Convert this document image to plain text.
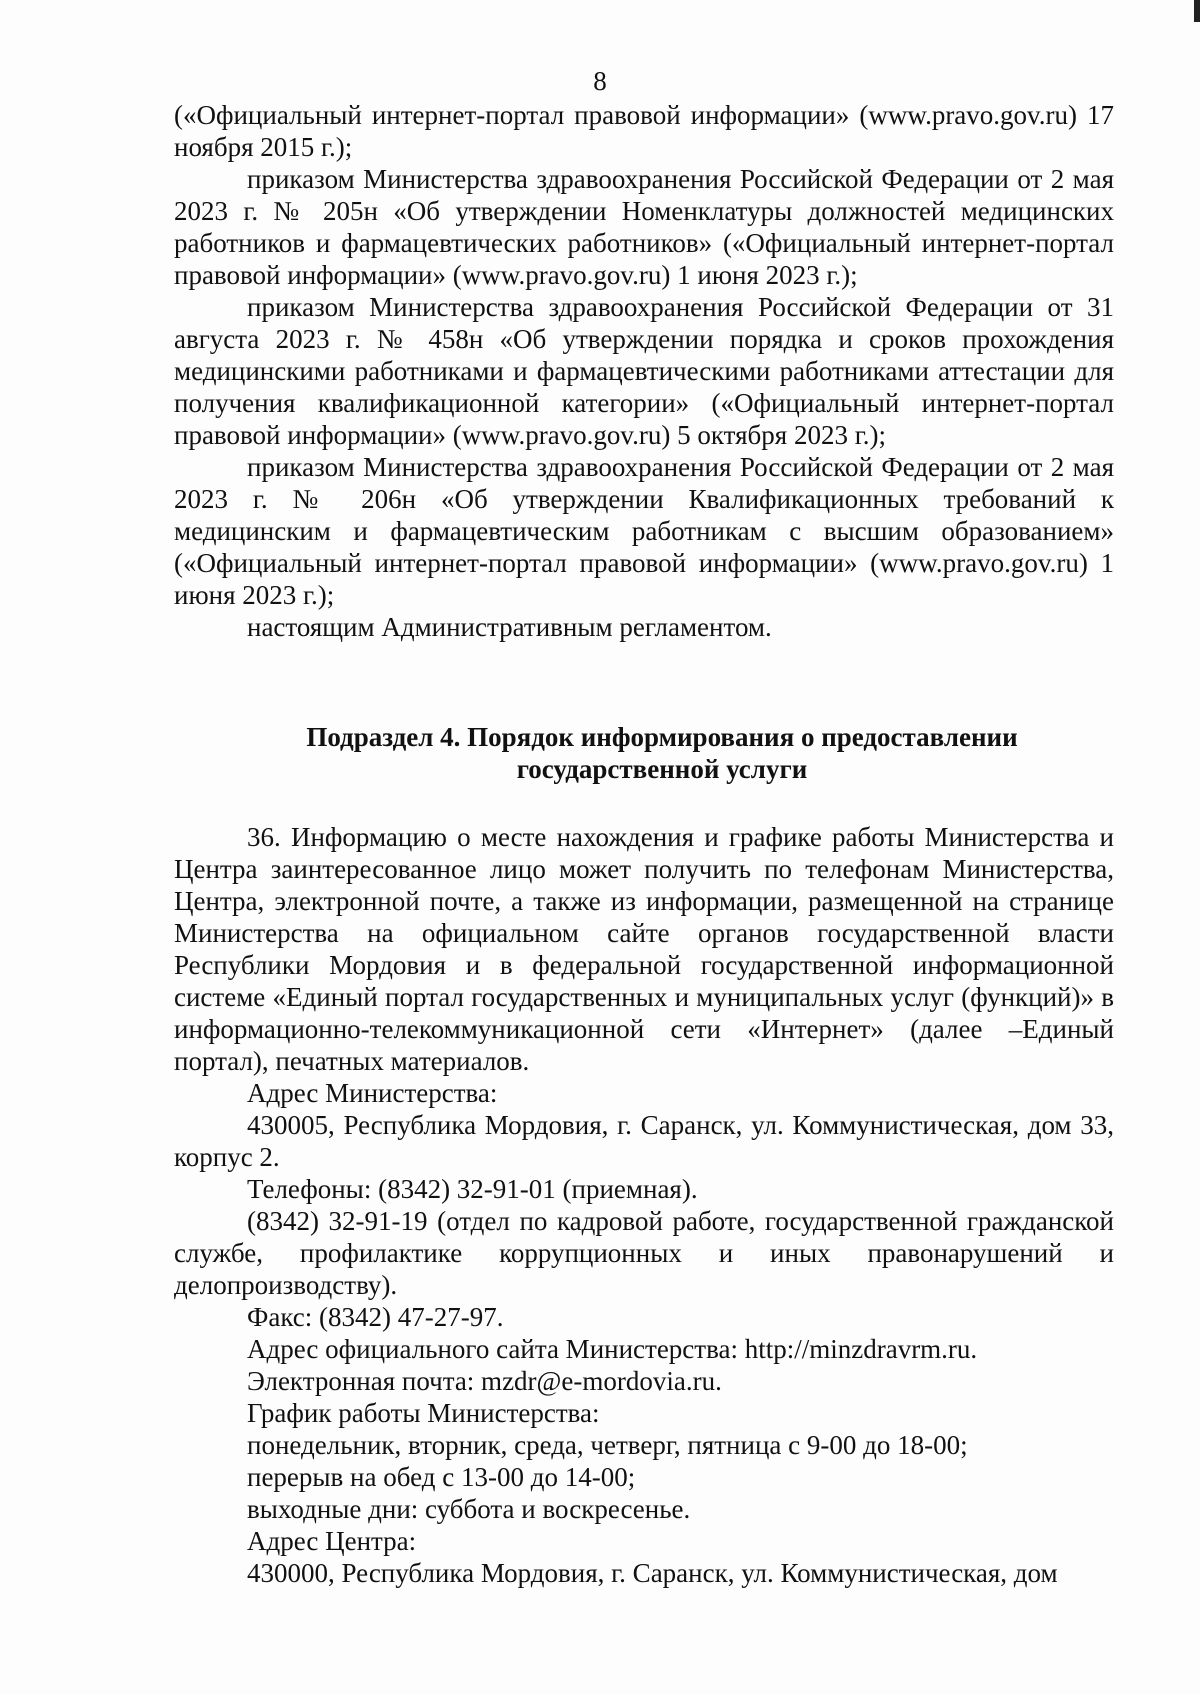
8

(«Официальный интернет-портал правовой информации» (www.pravo.gov.ru) 17 ноября 2015 г.);

приказом Министерства здравоохранения Российской Федерации от 2 мая 2023 г. № 205н «Об утверждении Номенклатуры должностей медицинских работников и фармацевтических работников» («Официальный интернет-портал правовой информации» (www.pravo.gov.ru) 1 июня 2023 г.);

приказом Министерства здравоохранения Российской Федерации от 31 августа 2023 г. № 458н «Об утверждении порядка и сроков прохождения медицинскими работниками и фармацевтическими работниками аттестации для получения квалификационной категории» («Официальный интернет-портал правовой информации» (www.pravo.gov.ru) 5 октября 2023 г.);

приказом Министерства здравоохранения Российской Федерации от 2 мая 2023 г. № 206н «Об утверждении Квалификационных требований к медицинским и фармацевтическим работникам с высшим образованием» («Официальный интернет-портал правовой информации» (www.pravo.gov.ru) 1 июня 2023 г.);

настоящим Административным регламентом.

Подраздел 4. Порядок информирования о предоставлении
государственной услуги

36. Информацию о месте нахождения и графике работы Министерства и Центра заинтересованное лицо может получить по телефонам Министерства, Центра, электронной почте, а также из информации, размещенной на странице Министерства на официальном сайте органов государственной власти Республики Мордовия и в федеральной государственной информационной системе «Единый портал государственных и муниципальных услуг (функций)» в информационно-телекоммуникационной сети «Интернет» (далее –Единый портал), печатных материалов.

Адрес Министерства:

430005, Республика Мордовия, г. Саранск, ул. Коммунистическая, дом 33, корпус 2.

Телефоны: (8342) 32-91-01 (приемная).

(8342) 32-91-19 (отдел по кадровой работе, государственной гражданской службе, профилактике коррупционных и иных правонарушений и делопроизводству).

Факс: (8342) 47-27-97.

Адрес официального сайта Министерства: http://minzdravrm.ru.

Электронная почта: mzdr@e-mordovia.ru.

График работы Министерства:

понедельник, вторник, среда, четверг, пятница с 9-00 до 18-00;

перерыв на обед с 13-00 до 14-00;

выходные дни: суббота и воскресенье.

Адрес Центра:

430000, Республика Мордовия, г. Саранск, ул. Коммунистическая, дом
